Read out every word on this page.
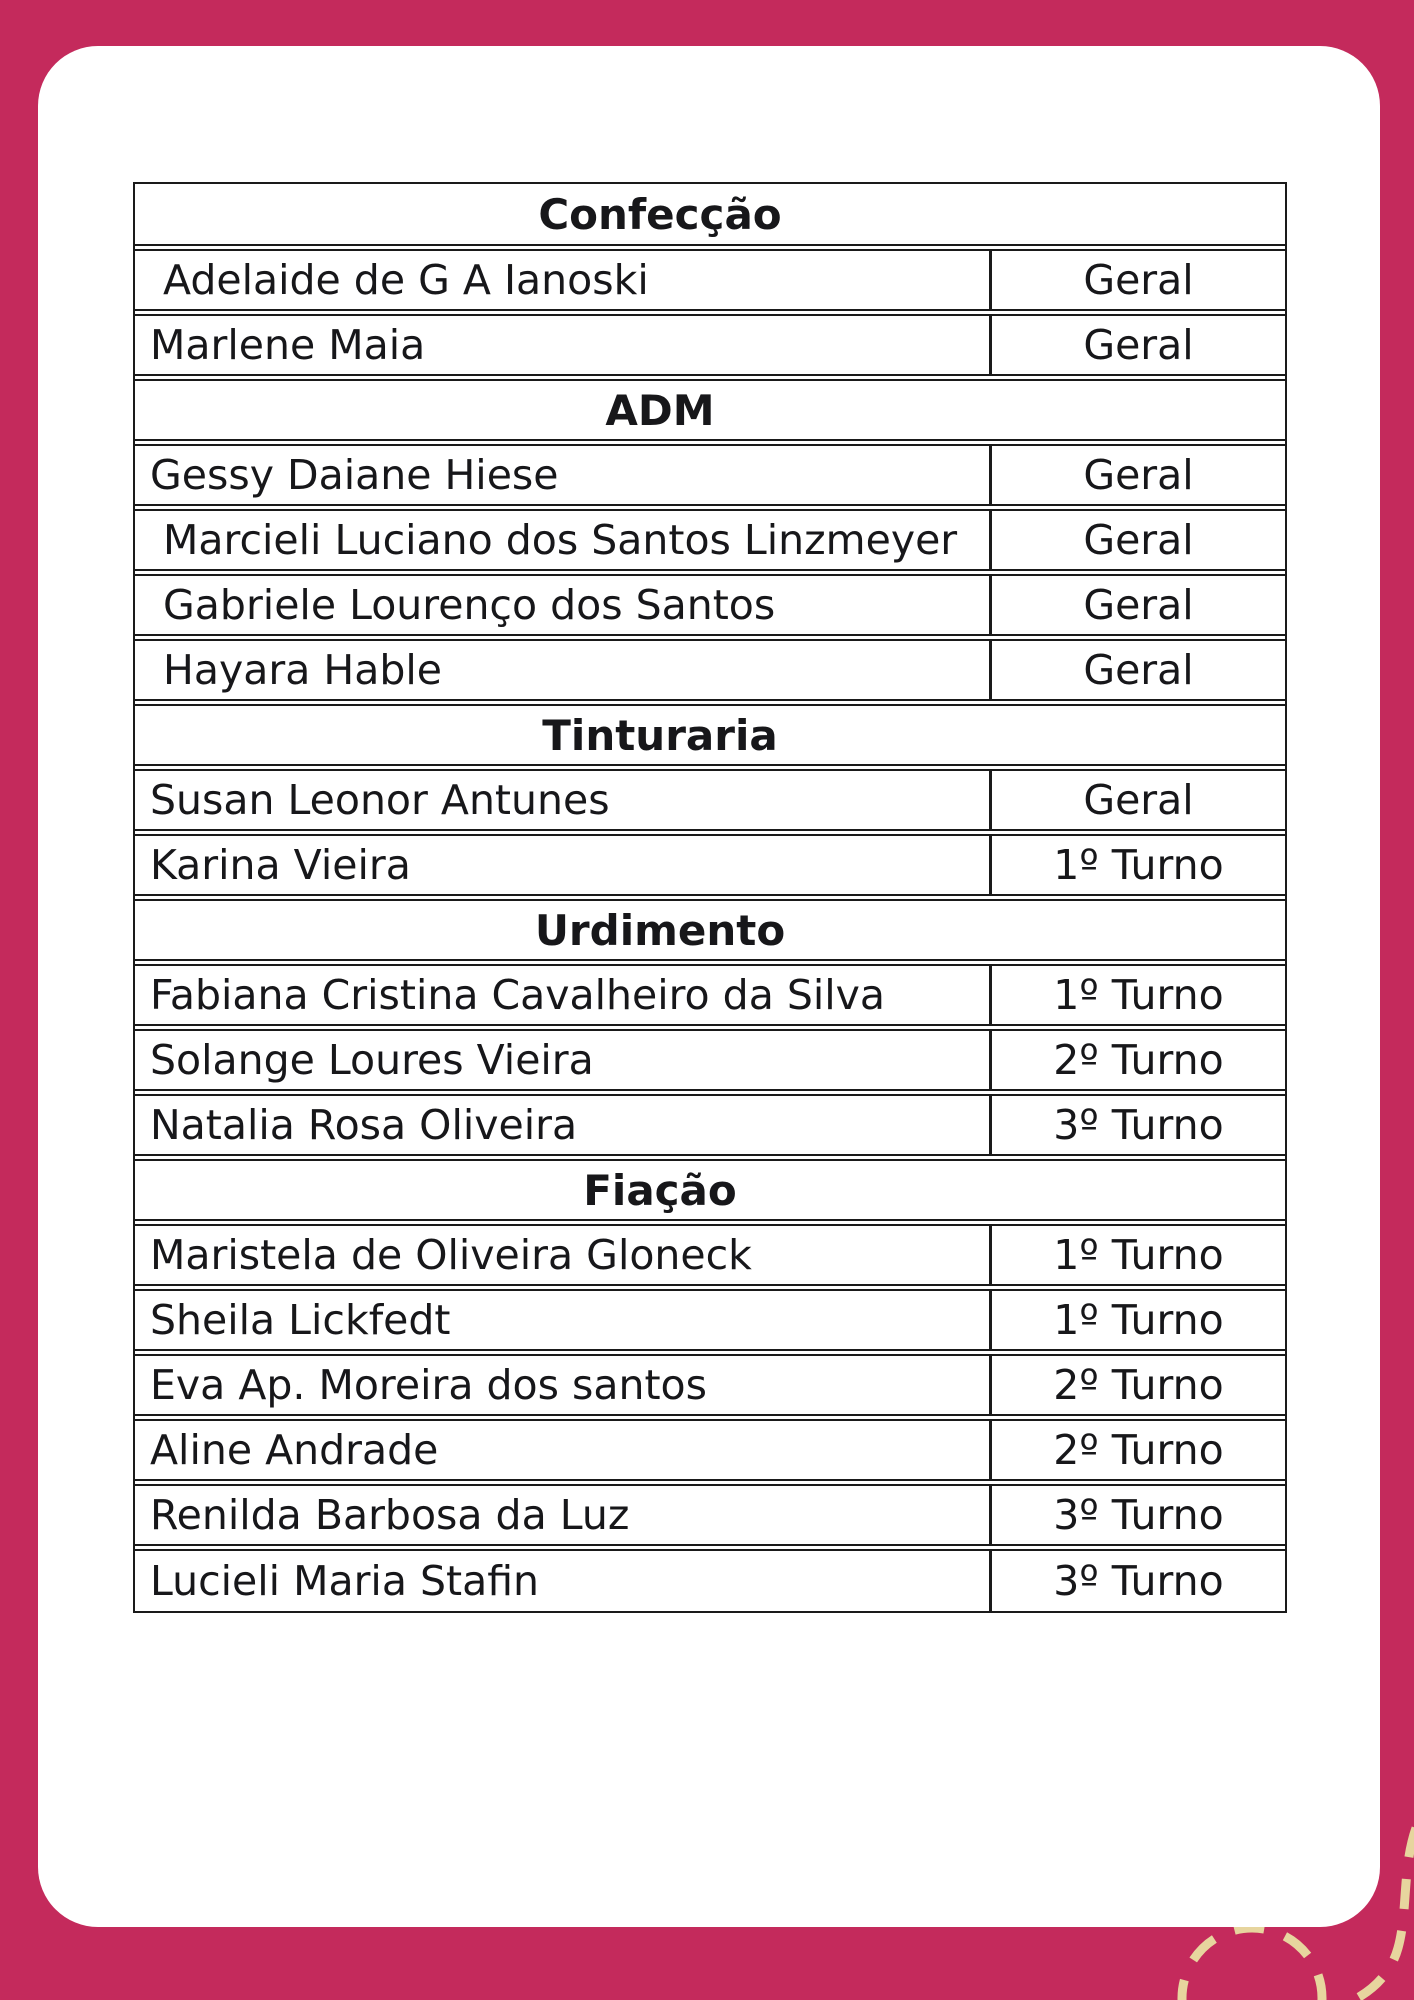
Confecção
Adelaide de G A Ianoski	Geral
Marlene Maia	Geral
ADM
Gessy Daiane Hiese	Geral
Marcieli Luciano dos Santos Linzmeyer	Geral
Gabriele Lourenço dos Santos	Geral
Hayara Hable	Geral
Tinturaria
Susan Leonor Antunes	Geral
Karina Vieira	1º Turno
Urdimento
Fabiana Cristina Cavalheiro da Silva	1º Turno
Solange Loures Vieira	2º Turno
Natalia Rosa Oliveira	3º Turno
Fiação
Maristela de Oliveira Gloneck	1º Turno
Sheila Lickfedt	1º Turno
Eva Ap. Moreira dos santos	2º Turno
Aline Andrade	2º Turno
Renilda Barbosa da Luz	3º Turno
Lucieli Maria Stafin	3º Turno
